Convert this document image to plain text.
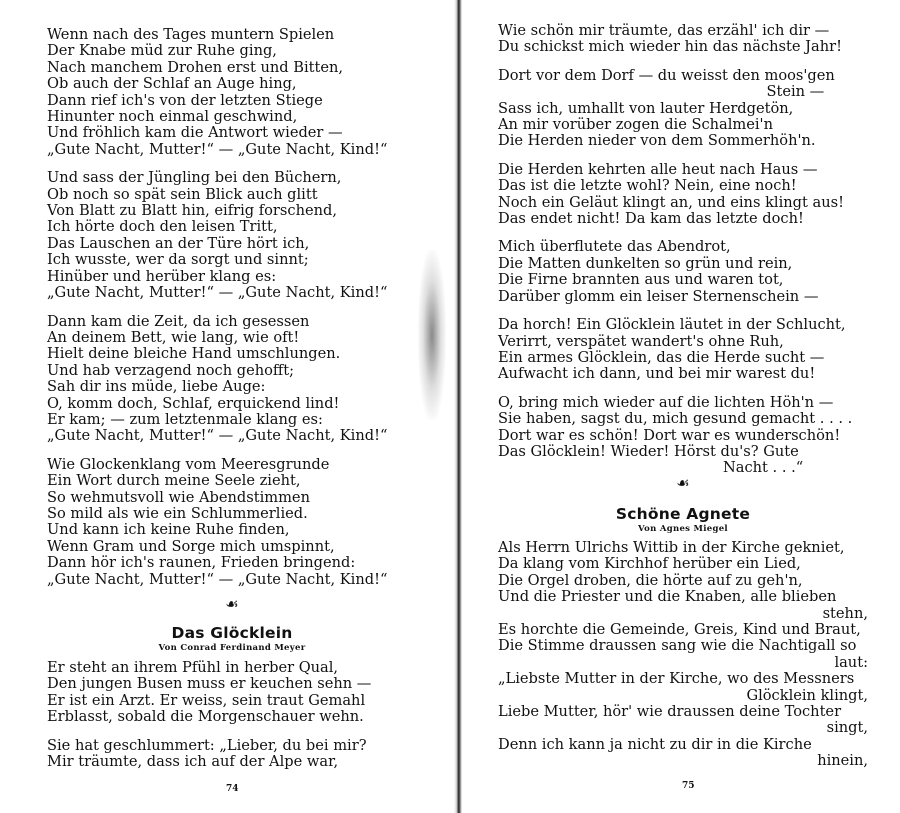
Wenn nach des Tages muntern Spielen
Der Knabe müd zur Ruhe ging,
Nach manchem Drohen erst und Bitten,
Ob auch der Schlaf an Auge hing,
Dann rief ich's von der letzten Stiege
Hinunter noch einmal geschwind,
Und fröhlich kam die Antwort wieder —
„Gute Nacht, Mutter!“ — „Gute Nacht, Kind!“
Und sass der Jüngling bei den Büchern,
Ob noch so spät sein Blick auch glitt
Von Blatt zu Blatt hin, eifrig forschend,
Ich hörte doch den leisen Tritt,
Das Lauschen an der Türe hört ich,
Ich wusste, wer da sorgt und sinnt;
Hinüber und herüber klang es:
„Gute Nacht, Mutter!“ — „Gute Nacht, Kind!“
Dann kam die Zeit, da ich gesessen
An deinem Bett, wie lang, wie oft!
Hielt deine bleiche Hand umschlungen.
Und hab verzagend noch gehofft;
Sah dir ins müde, liebe Auge:
O, komm doch, Schlaf, erquickend lind!
Er kam; — zum letztenmale klang es:
„Gute Nacht, Mutter!“ — „Gute Nacht, Kind!“
Wie Glockenklang vom Meeresgrunde
Ein Wort durch meine Seele zieht,
So wehmutsvoll wie Abendstimmen
So mild als wie ein Schlummerlied.
Und kann ich keine Ruhe finden,
Wenn Gram und Sorge mich umspinnt,
Dann hör ich's raunen, Frieden bringend:
„Gute Nacht, Mutter!“ — „Gute Nacht, Kind!“
☙
Das Glöcklein
Von Conrad Ferdinand Meyer
Er steht an ihrem Pfühl in herber Qual,
Den jungen Busen muss er keuchen sehn —
Er ist ein Arzt. Er weiss, sein traut Gemahl
Erblasst, sobald die Morgenschauer wehn.
Sie hat geschlummert: „Lieber, du bei mir?
Mir träumte, dass ich auf der Alpe war,
74
Wie schön mir träumte, das erzähl' ich dir —
Du schickst mich wieder hin das nächste Jahr!
Dort vor dem Dorf — du weisst den moos'gen
Stein —
Sass ich, umhallt von lauter Herdgetön,
An mir vorüber zogen die Schalmei'n
Die Herden nieder von dem Sommerhöh'n.
Die Herden kehrten alle heut nach Haus —
Das ist die letzte wohl? Nein, eine noch!
Noch ein Geläut klingt an, und eins klingt aus!
Das endet nicht! Da kam das letzte doch!
Mich überflutete das Abendrot,
Die Matten dunkelten so grün und rein,
Die Firne brannten aus und waren tot,
Darüber glomm ein leiser Sternenschein —
Da horch! Ein Glöcklein läutet in der Schlucht,
Verirrt, verspätet wandert's ohne Ruh,
Ein armes Glöcklein, das die Herde sucht —
Aufwacht ich dann, und bei mir warest du!
O, bring mich wieder auf die lichten Höh'n —
Sie haben, sagst du, mich gesund gemacht . . . .
Dort war es schön! Dort war es wunderschön!
Das Glöcklein! Wieder! Hörst du's? Gute
Nacht . . .“
☙
Schöne Agnete
Von Agnes Miegel
Als Herrn Ulrichs Wittib in der Kirche gekniet,
Da klang vom Kirchhof herüber ein Lied,
Die Orgel droben, die hörte auf zu geh'n,
Und die Priester und die Knaben, alle blieben
stehn,
Es horchte die Gemeinde, Greis, Kind und Braut,
Die Stimme draussen sang wie die Nachtigall so
laut:
„Liebste Mutter in der Kirche, wo des Messners
Glöcklein klingt,
Liebe Mutter, hör' wie draussen deine Tochter
singt,
Denn ich kann ja nicht zu dir in die Kirche
hinein,
75
